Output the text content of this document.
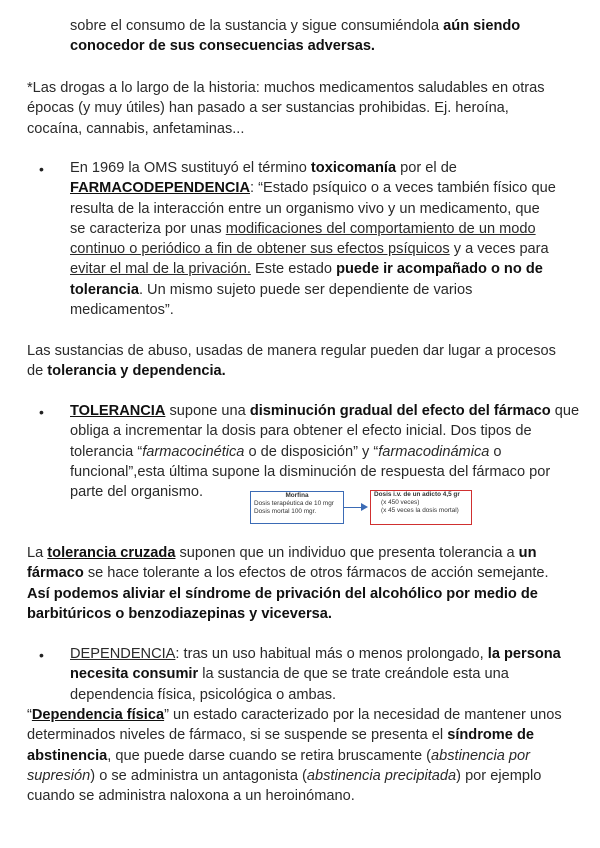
sobre el consumo de la sustancia y sigue consumiéndola aún siendo
conocedor de sus consecuencias adversas.
*Las drogas a lo largo de la historia: muchos medicamentos saludables en otras
épocas (y muy útiles) han pasado a ser sustancias prohibidas. Ej. heroína,
cocaína, cannabis, anfetaminas...
• En 1969 la OMS sustituyó el término toxicomanía por el de
FARMACODEPENDENCIA: “Estado psíquico o a veces también físico que
resulta de la interacción entre un organismo vivo y un medicamento, que
se caracteriza por unas modificaciones del comportamiento de un modo
continuo o periódico a fin de obtener sus efectos psíquicos y a veces para
evitar el mal de la privación. Este estado puede ir acompañado o no de
tolerancia. Un mismo sujeto puede ser dependiente de varios
medicamentos”.
Las sustancias de abuso, usadas de manera regular pueden dar lugar a procesos
de tolerancia y dependencia.
• TOLERANCIA supone una disminución gradual del efecto del fármaco que
obliga a incrementar la dosis para obtener el efecto inicial. Dos tipos de
tolerancia “farmacocinética o de disposición” y “farmacodinámica o
funcional”,esta última supone la disminución de respuesta del fármaco por
parte del organismo.	Morfina
Dosis terapéutica de 10 mgr
Dosis mortal 100 mgr.
Dosis i.v. de un adicto 4,5 gr
(x 450 veces)
(x 45 veces la dosis mortal)
La tolerancia cruzada suponen que un individuo que presenta tolerancia a un
fármaco se hace tolerante a los efectos de otros fármacos de acción semejante.
Así podemos aliviar el síndrome de privación del alcohólico por medio de
barbitúricos o benzodiazepinas y viceversa.
• DEPENDENCIA: tras un uso habitual más o menos prolongado, la persona
necesita consumir la sustancia de que se trate creándole esta una
dependencia física, psicológica o ambas.
“Dependencia física” un estado caracterizado por la necesidad de mantener unos
determinados niveles de fármaco, si se suspende se presenta el síndrome de
abstinencia, que puede darse cuando se retira bruscamente (abstinencia por
supresión) o se administra un antagonista (abstinencia precipitada) por ejemplo
cuando se administra naloxona a un heroinómano.
